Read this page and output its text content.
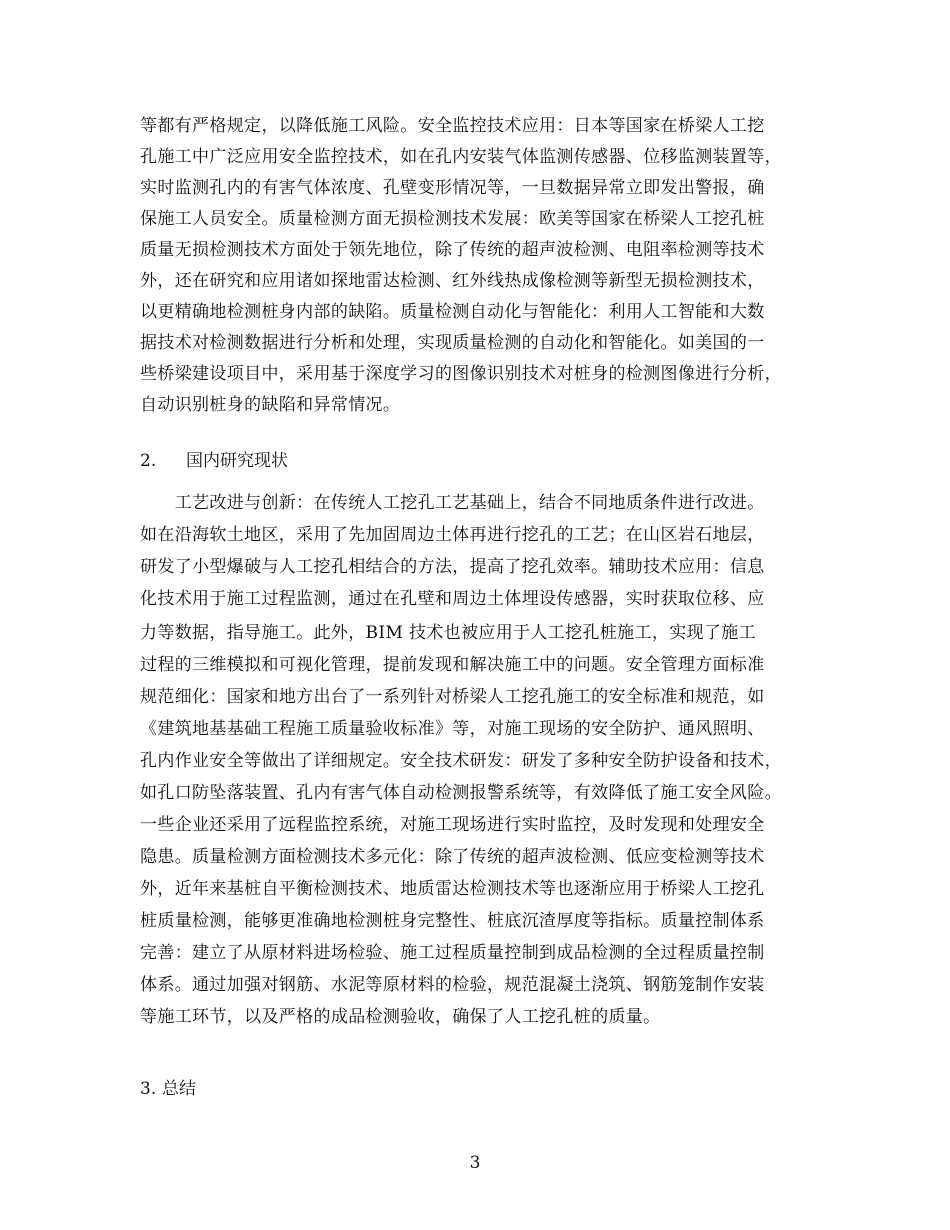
等都有严格规定，以降低施工风险。安全监控技术应用：日本等国家在桥梁人工挖
孔施工中广泛应用安全监控技术，如在孔内安装气体监测传感器、位移监测装置等，
实时监测孔内的有害气体浓度、孔壁变形情况等，一旦数据异常立即发出警报，确
保施工人员安全。质量检测方面无损检测技术发展：欧美等国家在桥梁人工挖孔桩
质量无损检测技术方面处于领先地位，除了传统的超声波检测、电阻率检测等技术
外，还在研究和应用诸如探地雷达检测、红外线热成像检测等新型无损检测技术，
以更精确地检测桩身内部的缺陷。质量检测自动化与智能化：利用人工智能和大数
据技术对检测数据进行分析和处理，实现质量检测的自动化和智能化。如美国的一
些桥梁建设项目中，采用基于深度学习的图像识别技术对桩身的检测图像进行分析，
自动识别桩身的缺陷和异常情况。
2. 国内研究现状
　　工艺改进与创新：在传统人工挖孔工艺基础上，结合不同地质条件进行改进。
如在沿海软土地区，采用了先加固周边土体再进行挖孔的工艺；在山区岩石地层，
研发了小型爆破与人工挖孔相结合的方法，提高了挖孔效率。辅助技术应用：信息
化技术用于施工过程监测，通过在孔壁和周边土体埋设传感器，实时获取位移、应
力等数据，指导施工。此外，BIM 技术也被应用于人工挖孔桩施工，实现了施工
过程的三维模拟和可视化管理，提前发现和解决施工中的问题。安全管理方面标准
规范细化：国家和地方出台了一系列针对桥梁人工挖孔施工的安全标准和规范，如
《建筑地基基础工程施工质量验收标准》等，对施工现场的安全防护、通风照明、
孔内作业安全等做出了详细规定。安全技术研发：研发了多种安全防护设备和技术，
如孔口防坠落装置、孔内有害气体自动检测报警系统等，有效降低了施工安全风险。
一些企业还采用了远程监控系统，对施工现场进行实时监控，及时发现和处理安全
隐患。质量检测方面检测技术多元化：除了传统的超声波检测、低应变检测等技术
外，近年来基桩自平衡检测技术、地质雷达检测技术等也逐渐应用于桥梁人工挖孔
桩质量检测，能够更准确地检测桩身完整性、桩底沉渣厚度等指标。质量控制体系
完善：建立了从原材料进场检验、施工过程质量控制到成品检测的全过程质量控制
体系。通过加强对钢筋、水泥等原材料的检验，规范混凝土浇筑、钢筋笼制作安装
等施工环节，以及严格的成品检测验收，确保了人工挖孔桩的质量。
3. 总结
3
